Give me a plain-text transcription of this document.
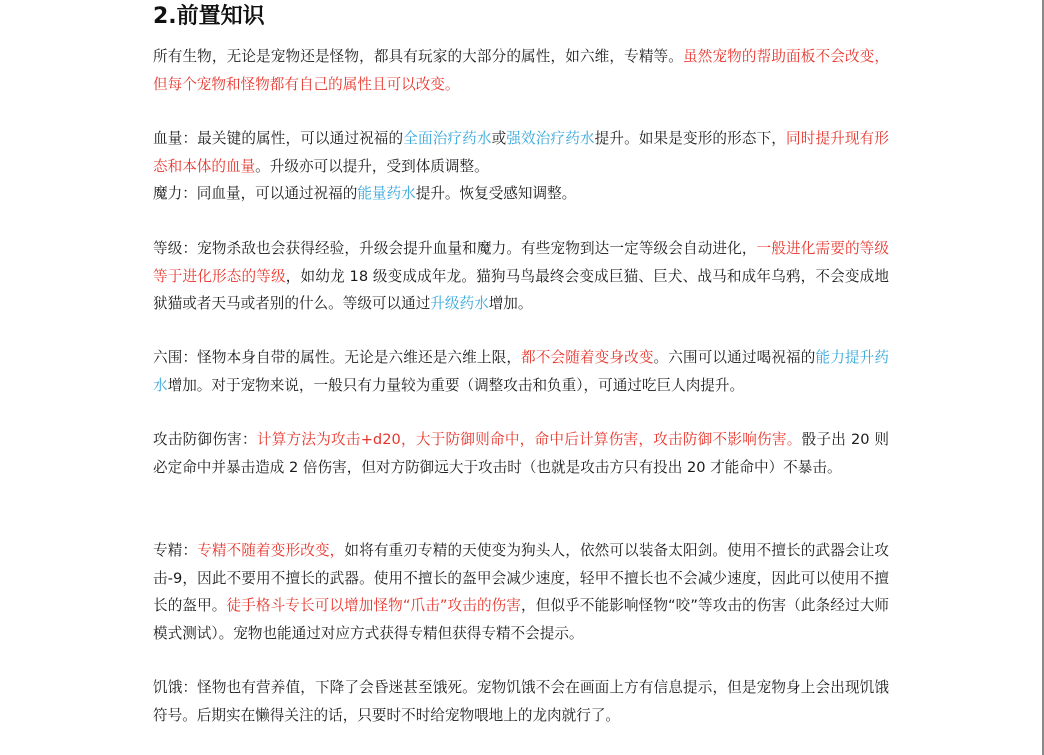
2.前置知识
所有生物，无论是宠物还是怪物，都具有玩家的大部分的属性，如六维，专精等。虽然宠物的帮助面板不会改变，但每个宠物和怪物都有自己的属性且可以改变。
血量：最关键的属性，可以通过祝福的全面治疗药水或强效治疗药水提升。如果是变形的形态下，同时提升现有形态和本体的血量。升级亦可以提升，受到体质调整。
魔力：同血量，可以通过祝福的能量药水提升。恢复受感知调整。
等级：宠物杀敌也会获得经验，升级会提升血量和魔力。有些宠物到达一定等级会自动进化，一般进化需要的等级等于进化形态的等级，如幼龙 18 级变成成年龙。猫狗马鸟最终会变成巨猫、巨犬、战马和成年乌鸦，不会变成地狱猫或者天马或者别的什么。等级可以通过升级药水增加。
六围：怪物本身自带的属性。无论是六维还是六维上限，都不会随着变身改变。六围可以通过喝祝福的能力提升药水增加。对于宠物来说，一般只有力量较为重要（调整攻击和负重），可通过吃巨人肉提升。
攻击防御伤害：计算方法为攻击+d20，大于防御则命中，命中后计算伤害，攻击防御不影响伤害。骰子出 20 则必定命中并暴击造成 2 倍伤害，但对方防御远大于攻击时（也就是攻击方只有投出 20 才能命中）不暴击。
专精：专精不随着变形改变，如将有重刃专精的天使变为狗头人，依然可以装备太阳剑。使用不擅长的武器会让攻击-9，因此不要用不擅长的武器。使用不擅长的盔甲会减少速度，轻甲不擅长也不会减少速度，因此可以使用不擅长的盔甲。徒手格斗专长可以增加怪物“爪击”攻击的伤害，但似乎不能影响怪物“咬”等攻击的伤害（此条经过大师模式测试）。宠物也能通过对应方式获得专精但获得专精不会提示。
饥饿：怪物也有营养值，下降了会昏迷甚至饿死。宠物饥饿不会在画面上方有信息提示，但是宠物身上会出现饥饿符号。后期实在懒得关注的话，只要时不时给宠物喂地上的龙肉就行了。
